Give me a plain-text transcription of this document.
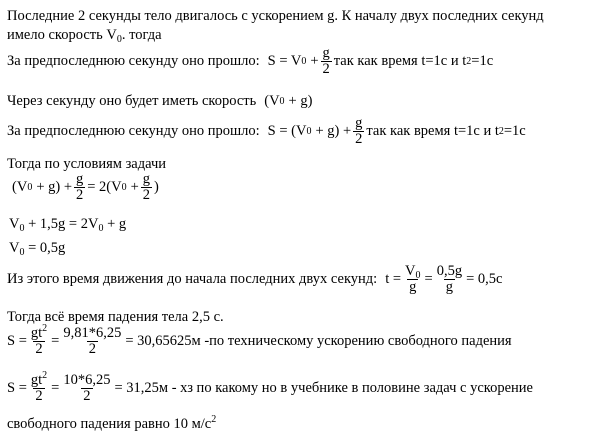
Последние 2 секунды тело двигалось с ускорением g. К началу двух последних секунд
имело скорость $V_0$. тогда
За предпоследнюю секунду оно прошло: S = V $0 + \frac{g}{2}$ так как время t=1c и t 2 =1c
Через секунду оно будет иметь скорость (V 0 + g)
За предпоследнюю секунду оно прошло: S = (V $0 + g) + \frac{g}{2}$ так как время t=1c и t 2 =1c
Тогда по условиям задачи
(V $0 + g) + \frac{g}{2} = 2(V$ $0 + \frac{g}{2}$ )
$V_0 + 1,5g = 2V_0 + g$
$V_0 = 0,5g$
Из этого время движения до начала последних двух секунд: $t = \frac{V_0}{g} = \frac{0,5g}{g} = 0,5c$
Тогда всё время падения тела 2,5 с.
$S = \frac{gt^2}{2} = \frac{9,81*6,25}{2} = 30,65625м$ -по техническому ускорению свободного падения
$S = \frac{gt^2}{2} = \frac{10*6,25}{2} = 31,25м$ - хз по какому но в учебнике в половине задач с ускорение
свободного падения равно 10 $м/с^2$
